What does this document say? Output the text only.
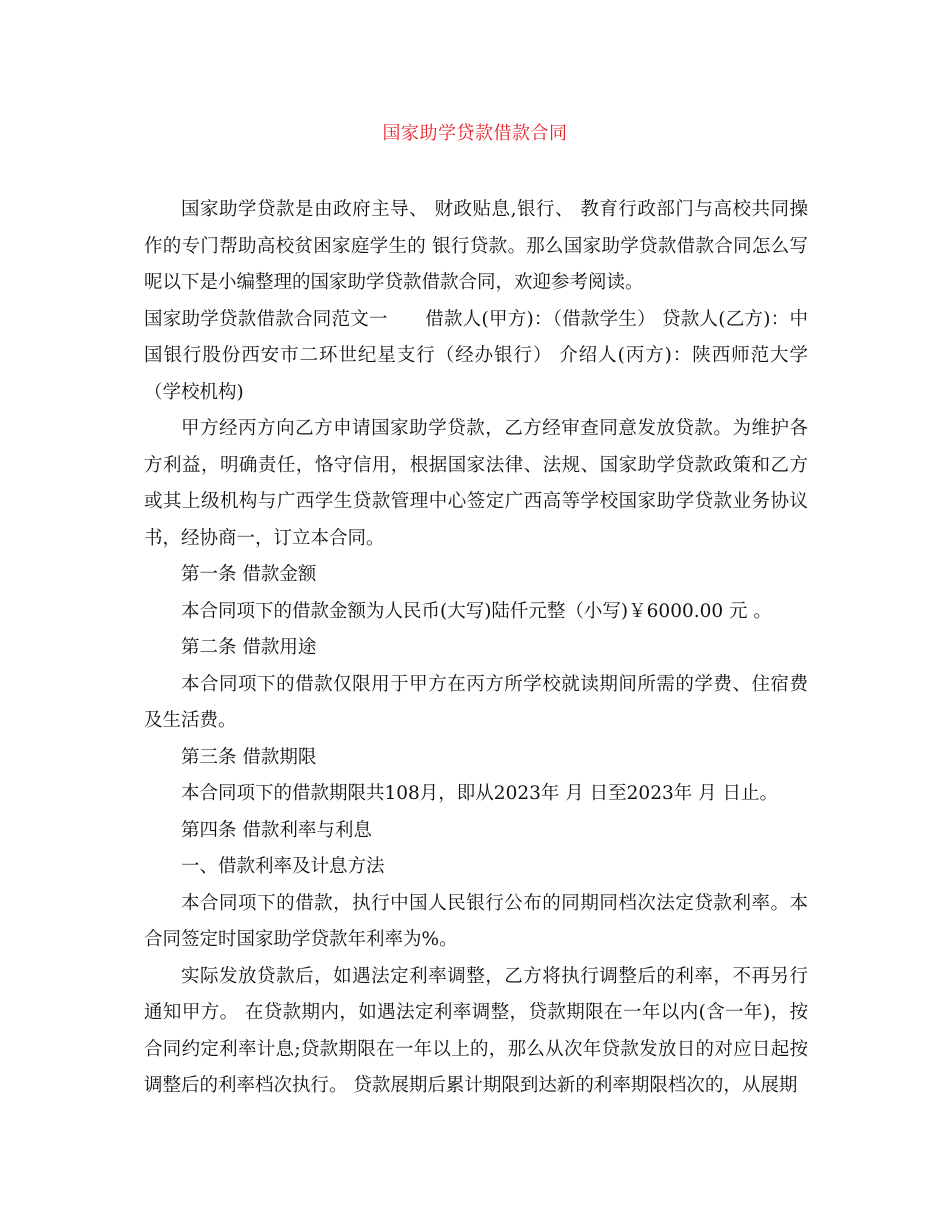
国家助学贷款借款合同

国家助学贷款是由政府主导、 财政贴息,银行、 教育行政部门与高校共同操作的专门帮助高校贫困家庭学生的 银行贷款。那么国家助学贷款借款合同怎么写呢以下是小编整理的国家助学贷款借款合同，欢迎参考阅读。

国家助学贷款借款合同范文一　　借款人(甲方)：（借款学生） 贷款人(乙方)：中国银行股份西安市二环世纪星支行（经办银行） 介绍人(丙方)：陕西师范大学（学校机构)

甲方经丙方向乙方申请国家助学贷款，乙方经审查同意发放贷款。为维护各方利益，明确责任，恪守信用，根据国家法律、法规、国家助学贷款政策和乙方或其上级机构与广西学生贷款管理中心签定广西高等学校国家助学贷款业务协议书，经协商一，订立本合同。

第一条 借款金额

本合同项下的借款金额为人民币(大写)陆仟元整（小写)￥6000.00 元 。

第二条 借款用途

本合同项下的借款仅限用于甲方在丙方所学校就读期间所需的学费、住宿费及生活费。

第三条 借款期限

本合同项下的借款期限共108月，即从2023年 月 日至2023年 月 日止。

第四条 借款利率与利息

一、借款利率及计息方法

本合同项下的借款，执行中国人民银行公布的同期同档次法定贷款利率。本合同签定时国家助学贷款年利率为%。

实际发放贷款后，如遇法定利率调整，乙方将执行调整后的利率，不再另行通知甲方。 在贷款期内，如遇法定利率调整，贷款期限在一年以内(含一年)，按合同约定利率计息;贷款期限在一年以上的，那么从次年贷款发放日的对应日起按调整后的利率档次执行。 贷款展期后累计期限到达新的利率期限档次的，从展期
